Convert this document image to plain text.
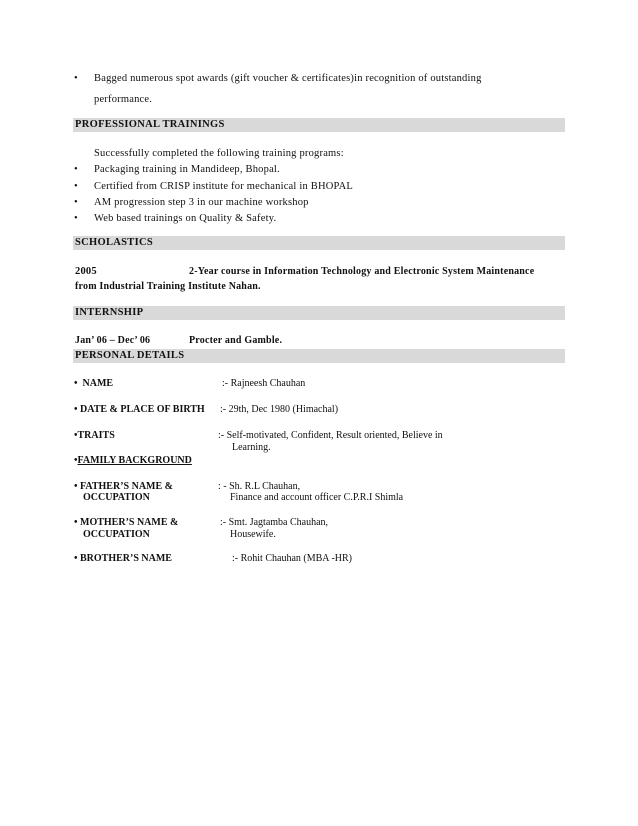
•	Bagged numerous spot awards (gift voucher & certificates)in recognition of outstanding
performance.
PROFESSIONAL TRAININGS
Successfully completed the following training programs:
•	Packaging training in Mandideep, Bhopal.
•	Certified from CRISP institute for mechanical in BHOPAL
•	AM progression step 3 in our machine workshop
•	Web based trainings on Quality & Safety.
SCHOLASTICS
2005	2-Year course in Information Technology and Electronic System Maintenance
from Industrial Training Institute Nahan.
INTERNSHIP
Jan’ 06 – Dec’ 06	Procter and Gamble.
PERSONAL DETAILS
• NAME	:- Rajneesh Chauhan
• DATE & PLACE OF BIRTH :- 29th, Dec 1980 (Himachal)
•TRAITS	:- Self-motivated, Confident, Result oriented, Believe in
Learning.
•FAMILY BACKGROUND
• FATHER’S NAME &	: - Sh. R.L Chauhan,
OCCUPATION	Finance and account officer C.P.R.I Shimla
• MOTHER’S NAME &	:- Smt. Jagtamba Chauhan,
OCCUPATION	Housewife.
• BROTHER’S NAME	:- Rohit Chauhan (MBA -HR)
